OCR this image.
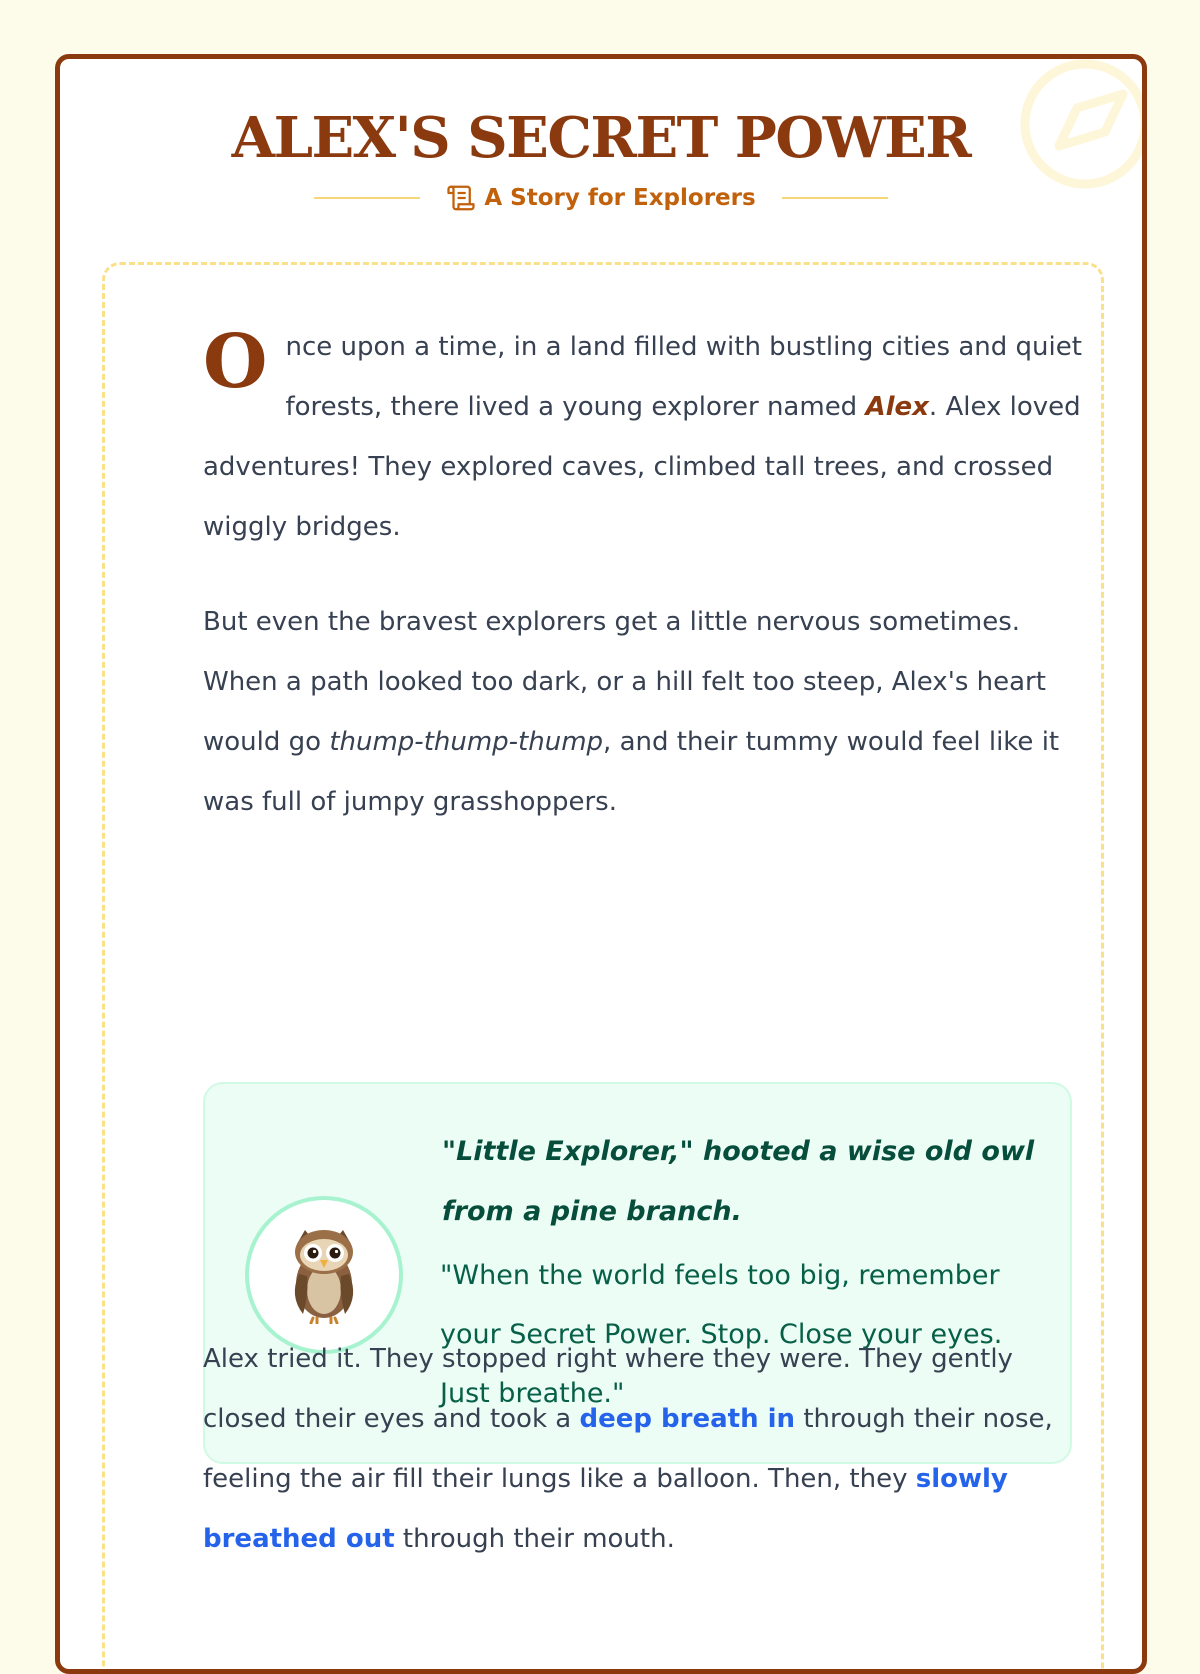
ALEX'S SECRET POWER
A Story for Explorers

Once upon a time, in a land filled with bustling cities and quiet forests, there lived a young explorer named Alex. Alex loved adventures! They explored caves, climbed tall trees, and crossed wiggly bridges.

But even the bravest explorers get a little nervous sometimes. When a path looked too dark, or a hill felt too steep, Alex's heart would go thump-thump-thump, and their tummy would feel like it was full of jumpy grasshoppers.

"Little Explorer," hooted a wise old owl from a pine branch.

"When the world feels too big, remember your Secret Power. Stop. Close your eyes. Just breathe."

Alex tried it. They stopped right where they were. They gently closed their eyes and took a deep breath in through their nose, feeling the air fill their lungs like a balloon. Then, they slowly breathed out through their mouth.
